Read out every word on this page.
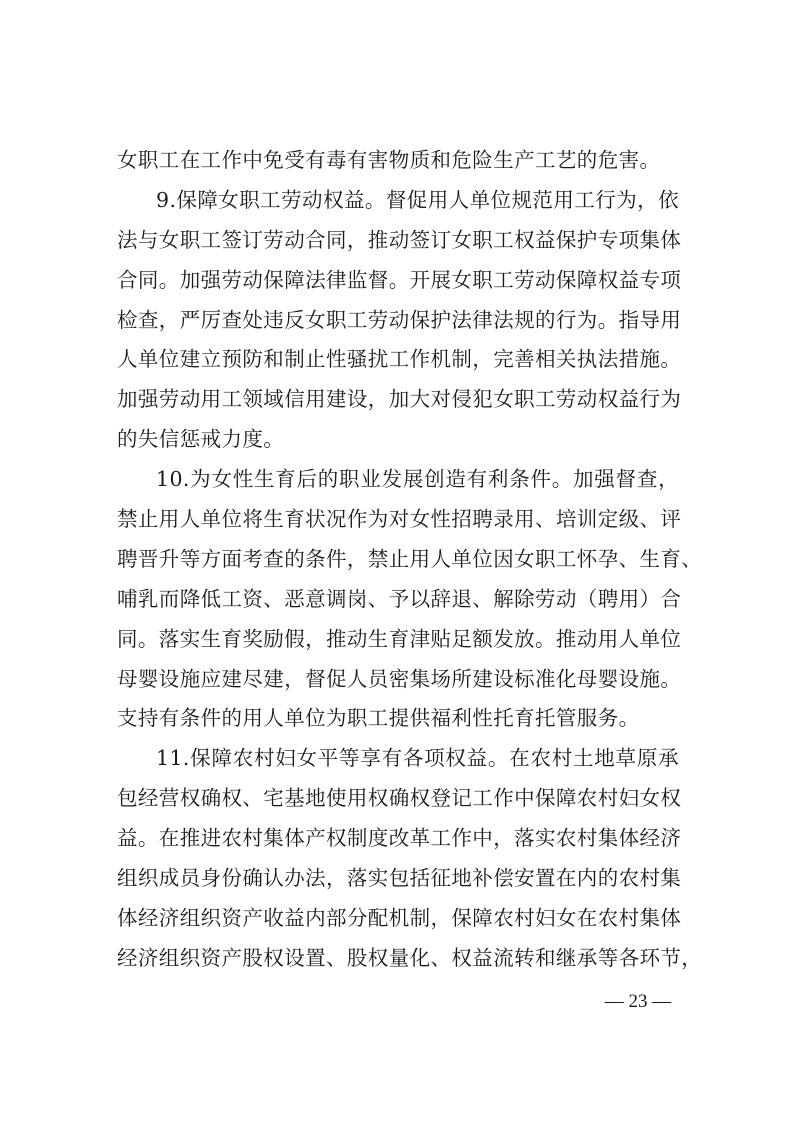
女职工在工作中免受有毒有害物质和危险生产工艺的危害。
9.保障女职工劳动权益。督促用人单位规范用工行为，依
法与女职工签订劳动合同，推动签订女职工权益保护专项集体
合同。加强劳动保障法律监督。开展女职工劳动保障权益专项
检查，严厉查处违反女职工劳动保护法律法规的行为。指导用
人单位建立预防和制止性骚扰工作机制，完善相关执法措施。
加强劳动用工领域信用建设，加大对侵犯女职工劳动权益行为
的失信惩戒力度。
10.为女性生育后的职业发展创造有利条件。加强督查，
禁止用人单位将生育状况作为对女性招聘录用、培训定级、评
聘晋升等方面考查的条件，禁止用人单位因女职工怀孕、生育、
哺乳而降低工资、恶意调岗、予以辞退、解除劳动（聘用）合
同。落实生育奖励假，推动生育津贴足额发放。推动用人单位
母婴设施应建尽建，督促人员密集场所建设标准化母婴设施。
支持有条件的用人单位为职工提供福利性托育托管服务。
11.保障农村妇女平等享有各项权益。在农村土地草原承
包经营权确权、宅基地使用权确权登记工作中保障农村妇女权
益。在推进农村集体产权制度改革工作中，落实农村集体经济
组织成员身份确认办法，落实包括征地补偿安置在内的农村集
体经济组织资产收益内部分配机制，保障农村妇女在农村集体
经济组织资产股权设置、股权量化、权益流转和继承等各环节，
— 23 —
